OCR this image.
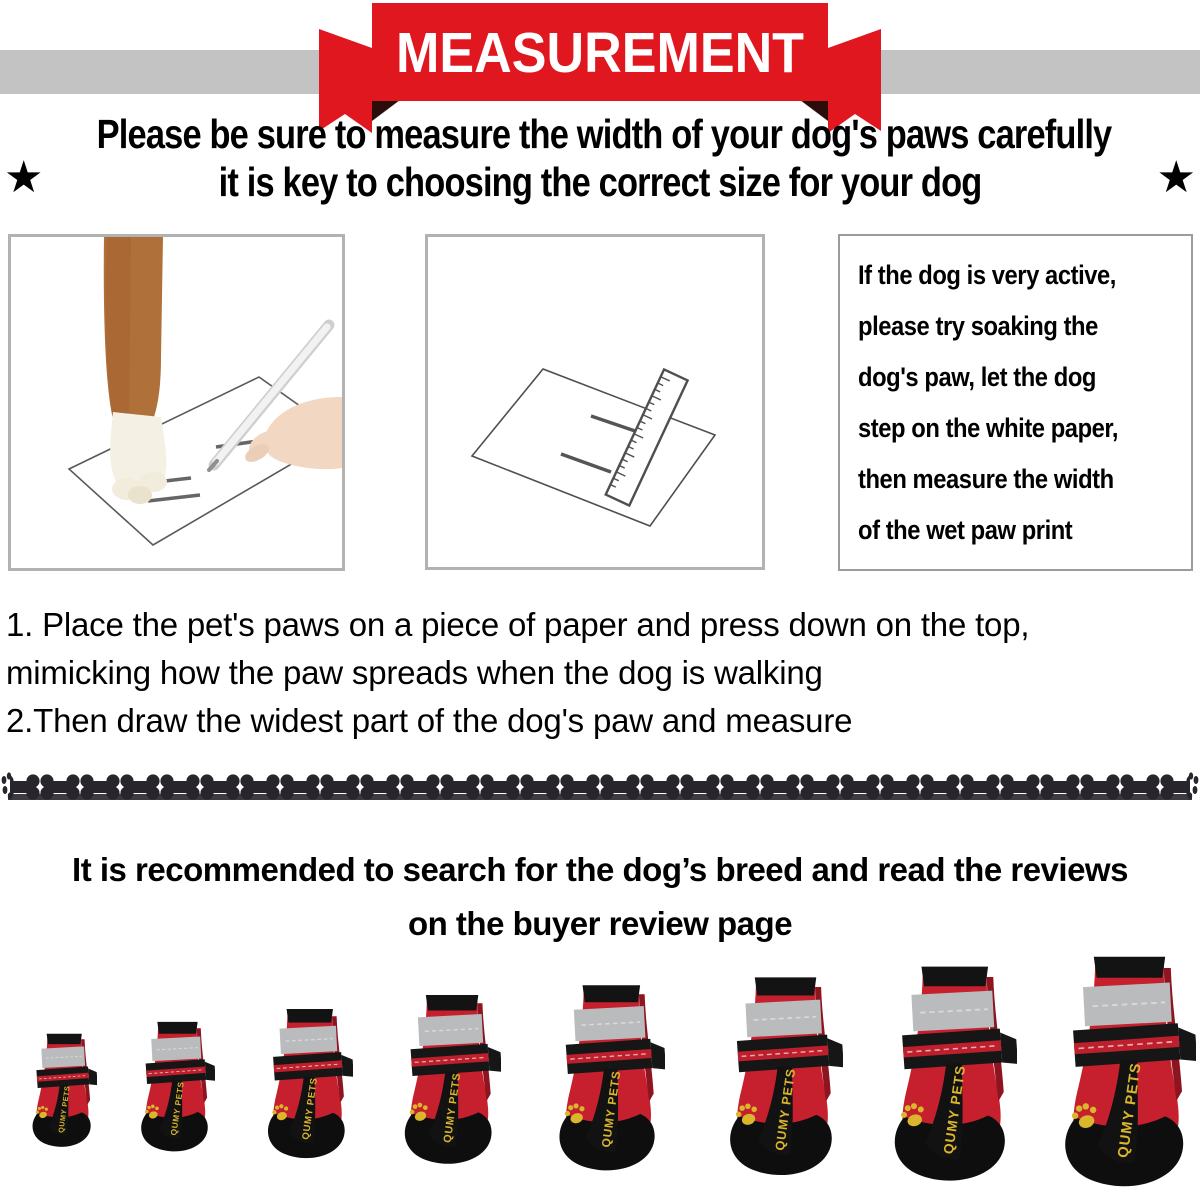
MEASUREMENT
Please be sure to measure the width of your dog's paws carefully
it is key to choosing the correct size for your dog
★	★
If the dog is very active,
please try soaking the
dog's paw, let the dog
step on the white paper,
then measure the width
of the wet paw print
1. Place the pet's paws on a piece of paper and press down on the top,
mimicking how the paw spreads when the dog is walking
2.Then draw the widest part of the dog's paw and measure
It is recommended to search for the dog’s breed and read the reviews
on the buyer review page
